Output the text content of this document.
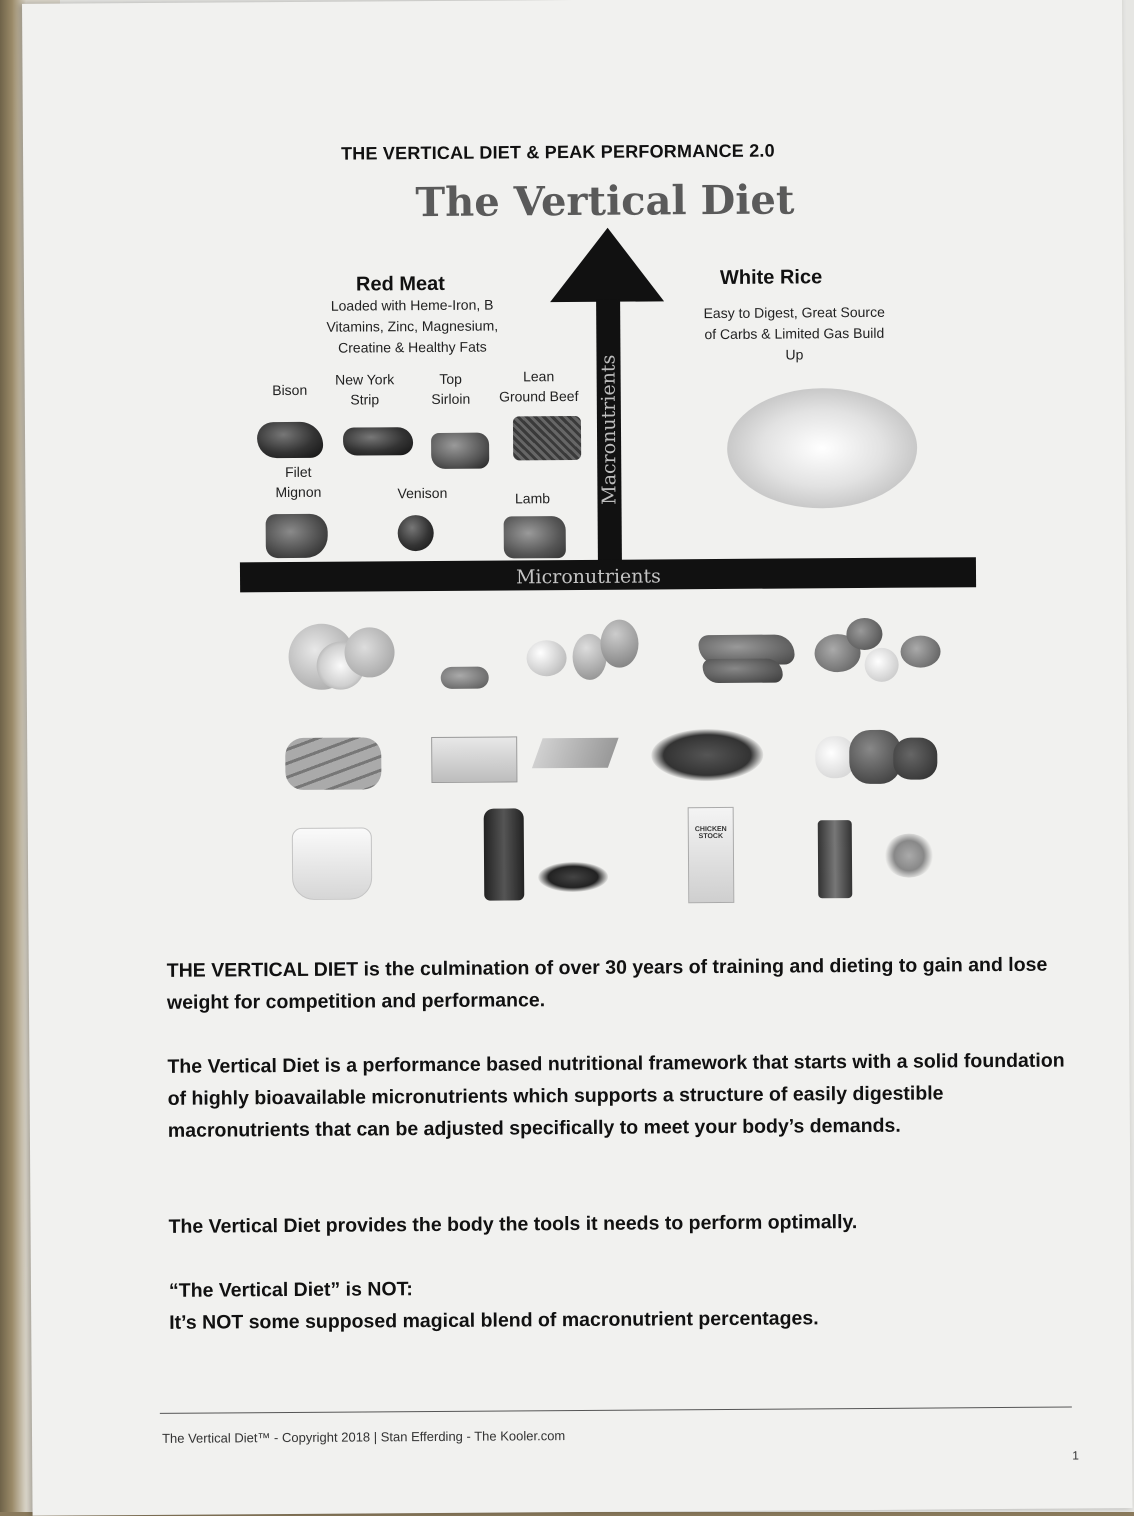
THE VERTICAL DIET & PEAK PERFORMANCE 2.0
The Vertical Diet
Macronutrients
Micronutrients
Red Meat
Loaded with Heme-Iron, B
Vitamins, Zinc, Magnesium,
Creatine & Healthy Fats
Bison
New York
Strip
Top
Sirloin
Lean
Ground Beef
Filet
Mignon	Venison	Lamb
White Rice
Easy to Digest, Great Source
of Carbs & Limited Gas Build
Up
CHICKEN STOCK
THE VERTICAL DIET is the culmination of over 30 years of training and dieting to gain and lose weight for competition and performance.
The Vertical Diet is a performance based nutritional framework that starts with a solid foundation of highly bioavailable micronutrients which supports a structure of easily digestible macronutrients that can be adjusted specifically to meet your body’s demands.
The Vertical Diet provides the body the tools it needs to perform optimally.
“The Vertical Diet” is NOT:
It’s NOT some supposed magical blend of macronutrient percentages.
The Vertical Diet™ - Copyright 2018 | Stan Efferding - The Kooler.com
1
